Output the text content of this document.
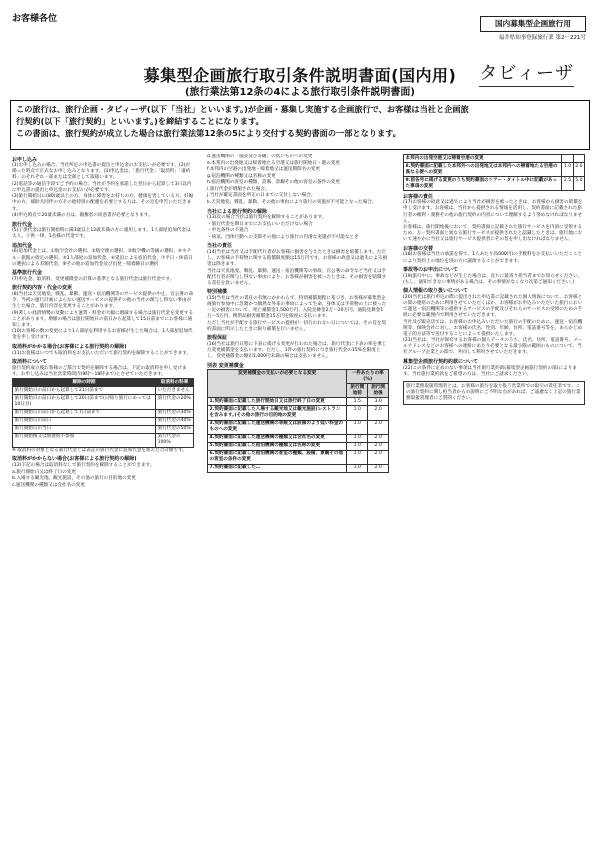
お客様各位	国内募集型企画旅行用
福井県知事登録旅行業 第2－221号
募集型企画旅行取引条件説明書面(国内用)
(旅行業法第12条の4による旅行取引条件説明書面)
タビィーザ
この旅行は、旅行企画・タビィーザ(以下「当社」といいます。)が企画・募集し実施する企画旅行で、お客様は当社と企画旅
行契約(以下「旅行契約」といいます。)を締結することになります。
この書面は、旅行契約が成立した場合は旅行業法第12条の5により交付する契約書面の一部となります。
お申し込み
(1)お申し込みの場合、当社所定の申込書の提出と申込金のお支払いが必要です。(2)が掲った時点で正式なお申し込みとなります。(3)申込金は、「旅行代金」「取消料」「違約料」のそれぞれ一部または全部として取扱います。
(2)電話等の通信手段でご予約の場合、当社が予約を承諾した翌日から起算して3日以内に申込書の提出と申込金のお支払いが必要です。
(3)旅行開始日に(80)歳以上の方、身体に障害をお持ちの方、健康を害している方、妊娠中の方、補助犬同伴の方その他特別の配慮を必要とする方は、その旨を申告いただきます。
(4)申込時点で20歳未満の方は、親権者の同意書が必要となります。
旅行代金
(5)子供代金は旅行開始時に満3歳以上12歳未満の方に適用します。1人部屋追加代金は大人、子供一律、1名様の代金です。
追加代金
(6)追加代金とは、①航空会社の選択、②航空便の選択、③航空機の等級の選択、④ホテル・旅館の指定の選択、⑤1人部屋の追加代金、⑥延泊による宿泊代金、⑦平日・休前日の選択による差額代金、⑧その他の追加代金及び出発・帰着曜日の選択
基準旅行代金
(7)申込金、取消料、変更補償金の計算の基準となる旅行代金は旅行代金です。
旅行契約内容・代金の変更
(8)当社は天災地変、戦乱、暴動、運送・宿泊機関等のサービス提供の中止、官公署の命令、当初の運行計画によらない運送サービスの提供その他の当社の関与し得ない事由が生じた場合、旅行内容を変更することがあります。
(9)著しい経済情勢の変動により運賃・料金が大幅に増減する場合は旅行代金を変更することがあります。増額の場合は旅行開始日の前日から起算して15日前までにお客様に通知します。
(10)お客様の数の変更により1人部屋を利用するお客様が生じた場合は、1人部屋追加代金を申し受けます。
取消料がかかる場合(お客様による旅行契約の解除)
(11)お客様はいつでも取消料をお支払いただいて旅行契約を解除することができます。
取消料について
旅行契約成立後お客様のご都合で契約を解除する場合は、下記の取消料を申し受けます。お申し込みは当社営業時間内(9時〜18時まで)とさせていただきます。
解除の時期	取消料の料率
旅行開始日の前日から起算して21日前まで	いただきません
旅行開始日の前日から起算して20日前まで(日帰り旅行にあっては10日目)	旅行代金の20%
旅行開始日の前日から起算して7日前まで	旅行代金の30%
旅行開始日の前日	旅行代金の40%
旅行開始日の当日	旅行代金の50%
旅行開始後又は無連絡不参加	旅行代金の100%
※ 取消料の対象となる旅行代金とは表記の旅行代金に追加代金を加えた合計額です。
取消料がかからない場合(お客様による旅行契約の解除)
(12)下記の場合は取消料なしで旅行契約を解除することができます。
a.旅行開始日又は終了日の変更
b.入場する観光地、観光施設、その他の旅行の目的地の変更
c.運送機関の種類又は会社名の変更
d.運送機関の「施設及び等級」の低いものへの変更
e.本邦内の出発地又は帰着地たる空港又は旅行開始日・港の変更
f.本邦内の空港の出発地・帰着地又は運送期間名の変更
g.宿泊機関の種類又は名称の変更
h.宿泊機関の客室の種類、設備、景観その他の客室の条件の変更
i.旅行代金が増額された場合。
j.当社が確定書面を所定の日までに交付しない場合。
k.天災地変、戦乱、暴動、その他の事由により旅行の実施が不可能となった場合。
当社による旅行契約の解除
(13)次の場合当社は旅行契約を解除することがあります。
・旅行代金を期日までにお支払いいただけない場合
・申込条件の不適合
・病気、団体行動への支障その他により旅行の円滑な実施が不可能なとき
当社の責任
(14)当社は当社又は手配代行者がお客様に損害を与えたときは損害を賠償します。ただし、お客様の手荷物に関する賠償限度額は15万円です。お客様の故意又は過失による損害は除きます。
当社は天災地変、戦乱、暴動、運送・宿泊機関等の事故、官公署の命令など当社又は手配代行者が関与し得ない事由により、お客様が損害を被ったときは、その損害を賠償する責任を負いません。
特別補償
(15)当社は当社の責任の有無にかかわらず、特別補償規程に基づき、お客様が募集型企画旅行参加中に急激かつ偶然な外来の事故によって生命、身体又は手荷物の上に被った一定の損害について、死亡補償金1,500万円、入院見舞金2万〜20万円、通院見舞金1万〜5万円、携帯品損害補償金15万円を限度に支払います。
ただし当社が手配する旅行サービスの提供が一切行われない日については、その旨を契約書面に明示したときに限り補償を行いません。
旅程保証
(16)当社は旅行日程に下表に掲げる変更が行われた場合は、旅行代金に下表の率を乗じた変更補償金を支払います。ただし、1件の旅行契約につき旅行代金の15%を限度とし、変更補償金の額が1,000円未満の場合は支払いません。
別表 変更補償金
変更補償金の支払いが必要となる変更	一件あたりの率(%)	
	旅行開始前	旅行開始後
1.契約書面に記載した旅行開始日又は旅行終了日の変更	1.5	3.0
2.契約書面に記載した入場する観光地又は観光施設(レストランを含みます。)その他の旅行の目的地の変更	1.0	2.0
3.契約書面に記載した運送機関の等級又は設備のより低い料金のものへの変更	1.0	2.0
4.契約書面に記載した運送機関の種類又は会社名の変更	1.0	2.0
5.契約書面に記載した宿泊機関の種類又は名称の変更	1.0	2.0
6.契約書面に記載した宿泊機関の客室の種類、設備、景観その他の客室の条件の変更	1.0	2.0
7.契約書面に記載した…	1.0	2.0
本邦内の出発空港又は帰着空港の変更		
8.契約書面に記載した本邦外への出発地又は本邦内への帰着地たる空港の異なる便への変更	1.0	2.0
9.前各号に掲げる変更のうち契約書面のツアー・タイトル中に記載があった事項の変更	2.5	5.0
お客様の責任
(17)お客様の故意又は過失により当社が損害を被ったときは、お客様から損害の賠償を申し受けます。お客様は、当社から提供される情報を活用し、契約書面に記載された旅行者の権利・義務その他の旅行契約の内容について理解するよう努めなければなりません。
お客様は、旅行開始後において、契約書面に記載された旅行サービスを円滑に受領するため、万一契約書面と異なる旅行サービスが提供されたと認識したときは、旅行地において速やかに当社又は旅行サービス提供者にその旨を申し出なければなりません。
お客様の交替
(18)お客様は当社の承諾を得て、1人あたり(5000円)の手数料をお支払いいただくことにより契約上の地位を別の方に譲渡することができます。
事故等のお申出について
(19)旅行中に、事故などが生じた場合は、直ちに最寄り担当者までお知らせください。(もし、通知できない事情がある場合は、その事情がなくなり次第ご通知ください。)
個人情報の取り扱いについて
(20)当社は旅行申込の際に提出された申込書に記載された個人情報について、お客様との間の連絡のために利用させていただくほか、お客様がお申込みいただいた旅行において運送・宿泊機関等の提供するサービスの手配及びそれらのサービスの受領のための手続に必要な範囲内で利用させていただきます。
当社及び販売店では、お客様のお申込みいただいた旅行の手配のために、運送・宿泊機関等、保険会社に対し、お客様の氏名、性別、年齢、住所、電話番号等を、あらかじめ電子的方法等で送付することによって提供いたします。
(21)当社は、当社が保有するお客様の個人データのうち、氏名、住所、電話番号、メールアドレスなどのお客様への連絡にあたり必要となる最小限の範囲のものについて、当社グループ企業との間で、共同して利用させていただきます。
募集型企画旅行契約約款について
(22)この条件に定めのない事項は当社旅行業約款(募集型企画旅行契約の部)によります。当社旅行業約款をご希望の方は、当社にご請求ください。
旅行業務取扱管理者とは、お客様の旅行を取り扱う営業所での取引の責任者です。この旅行契約に関し担当者からの説明にご不明な点があれば、ご遠慮なく上記の旅行業務取扱管理者にご質問ください。
